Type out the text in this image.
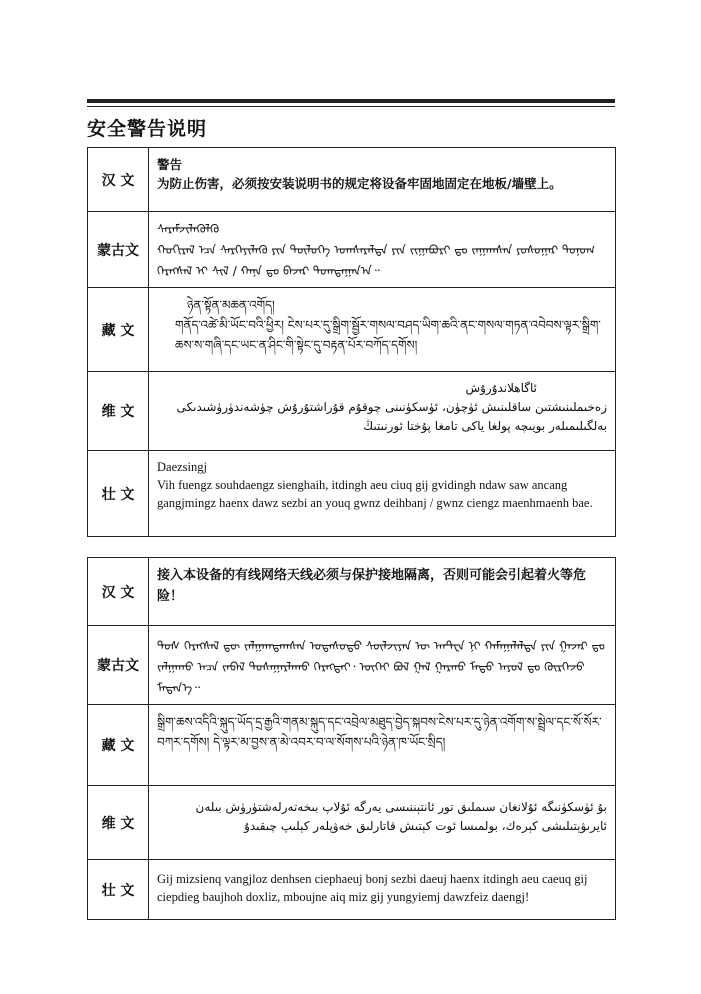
安全警告说明
汉 文	警告
为防止伤害，必须按安装说明书的规定将设备牢固地固定在地板/墙壁上。

蒙古文	ᠰᠡᠷᠡᠮᠵᠢᠯᠡᠭᠦᠯᠬᠦ
ᠬᠣᠬᠢᠷᠠᠯ ᠡᠴᠡ ᠰᠡᠷᠭᠡᠶᠢᠯᠡᠬᠦ ᠶᠢᠨ ᠲᠥᠯᠥᠭᠡ ᠤᠭᠰᠠᠷᠠᠯᠲᠠ ᠶᠢᠨ ᠵᠢᠭᠠᠪᠤᠷᠢ ᠳᠤ ᠵᠠᠭᠠᠭᠰᠠᠨ ᠶᠣᠰᠣᠭᠠᠷ ᠲᠣᠨᠤᠭ ᠬᠡᠷᠡᠭᠰᠡᠯ ᠢ ᠰᠢᠯ / ᠬᠠᠨᠠ ᠳᠤ ᠪᠠᠵᠠᠷ ᠲᠣᠭᠲᠠᠭᠠᠨ᠎ᠠ᠃

藏 文	ཉེན་སྟོན་མཆན་འགོད།
གནོད་འཚེ་མི་ཡོང་བའི་ཕྱིར། ངེས་པར་དུ་སྒྲིག་སྦྱོར་གསལ་བཤད་ཡིག་ཆའི་ནང་གསལ་གཏན་འབེབས་ལྟར་སྒྲིག་ཆས་ས་གཞི་དང་ཡང་ན་ཤིང་གི་སྟེང་དུ་བརྟན་པོར་བཀོད་དགོས།

维 文	ئاگاھلاندۇرۇش
زەخىملىنىشتىن ساقلىنىش ئۈچۈن، ئۈسكۈنىنى چوقۇم قۇراشتۇرۇش چۈشەندۈرۈشىدىكى بەلگىلىمىلەر بويىچە پولغا ياكى تامغا پۇختا ئورنىتىڭ

壮 文	Daezsingj
Vih fuengz souhdaengz sienghaih, itdingh aeu ciuq gij gvidingh ndaw saw ancang gangjmingz haenx dawz sezbi an youq gwnz deihbanj / gwnz ciengz maenhmaenh bae.
汉 文	接入本设备的有线网络天线必须与保护接地隔离，否则可能会引起着火等危险！

蒙古文	ᠲᠤᠰ ᠬᠡᠷᠡᠭᠰᠡᠯ ᠳᠦ ᠵᠠᠯᠭᠠᠭᠳᠠᠭᠰᠠᠨ ᠤᠲᠠᠰᠤᠲᠤ ᠰᠦᠯᠵᠢᠶᠡᠨ ᠦ ᠠᠨᠲ᠋ᠸᠨ ᠨᠢ ᠬᠠᠮᠠᠭᠠᠯᠠᠯᠲᠠ ᠶᠢᠨ ᠭᠠᠵᠠᠷ ᠳᠤ ᠵᠠᠯᠭᠠᠬᠤ ᠠᠴᠠ ᠵᠠᠪᠠᠯ ᠲᠤᠰᠠᠭᠠᠷᠯᠠᠬᠤ ᠬᠡᠷᠡᠭᠲᠡᠢ᠂ ᠦᠭᠡᠢ ᠪᠣᠯ ᠭᠠᠯ ᠭᠠᠷᠬᠤ ᠮᠡᠲᠦ ᠠᠶᠤᠯ ᠳᠤ ᠬᠦᠷᠭᠡᠵᠦ ᠮᠡᠳᠡᠨ᠎ᠡ᠃

藏 文	སྒྲིག་ཆས་འདིའི་སྐུད་ཡོད་དྲ་རྒྱའི་གནམ་སྐུད་དང་འབྲེལ་མཐུད་བྱེད་སྐབས་ངེས་པར་དུ་ཉེན་འགོག་ས་སྦྲེལ་དང་སོ་སོར་བཀར་དགོས། དེ་ལྟར་མ་བྱས་ན་མེ་འབར་བ་ལ་སོགས་པའི་ཉེན་ཁ་ཡོང་སྲིད།

维 文	بۇ ئۈسكۈنىگە ئۇلانغان سىملىق تور ئانتېننىسى يەرگە ئۇلاپ بىخەتەرلەشتۈرۈش بىلەن ئايرىۋېتىلىشى كېرەك، بولمىسا ئوت كېتىش قاتارلىق خەۋپلەر كېلىپ چىقىدۇ

壮 文	Gij mizsienq vangjloz denhsen ciephaeuj bonj sezbi daeuj haenx itdingh aeu caeuq gij ciepdieg baujhoh doxliz, mboujne aiq miz gij yungyiemj dawzfeiz daengj!
